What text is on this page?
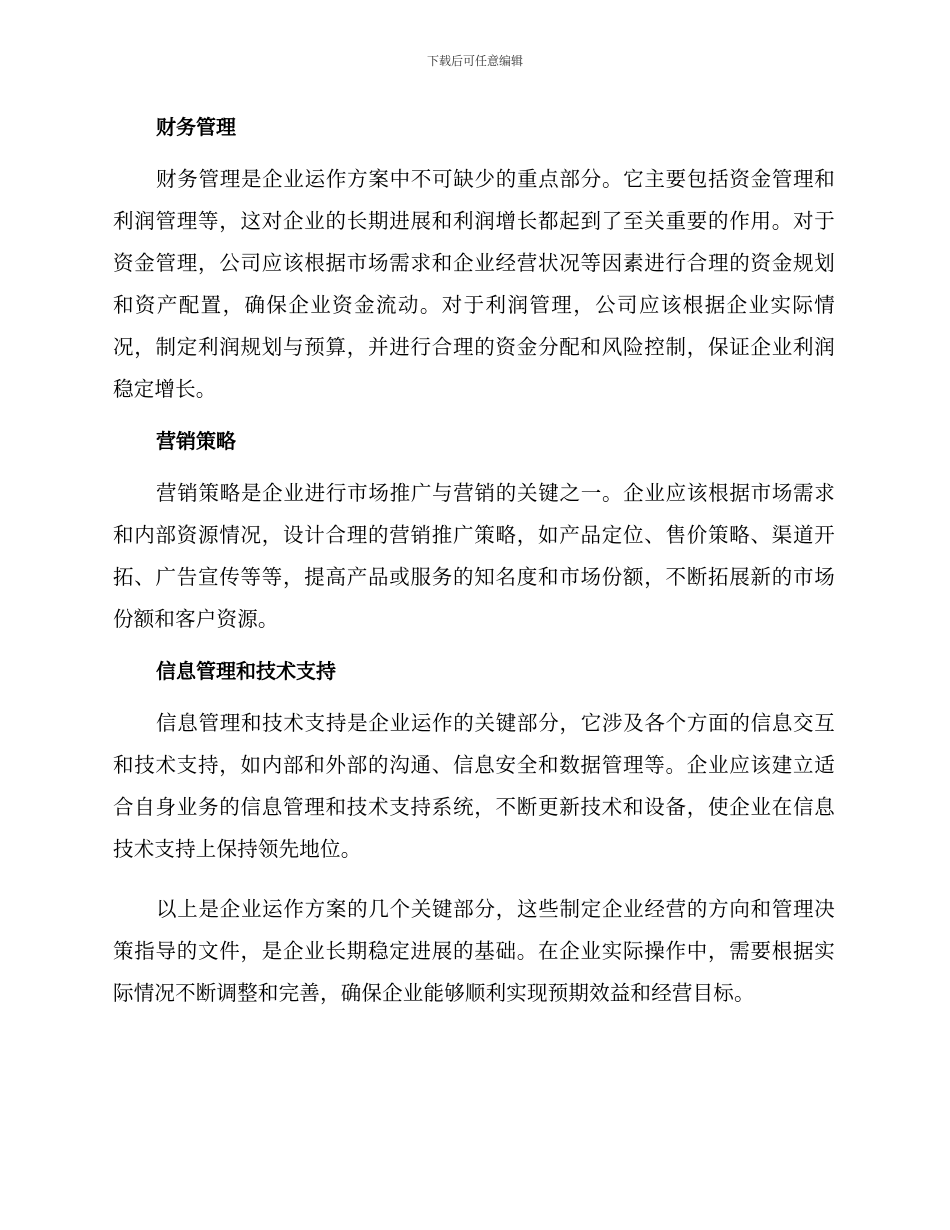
下载后可任意编辑
财务管理

财务管理是企业运作方案中不可缺少的重点部分。它主要包括资金管理和利润管理等，这对企业的长期进展和利润增长都起到了至关重要的作用。对于资金管理，公司应该根据市场需求和企业经营状况等因素进行合理的资金规划和资产配置，确保企业资金流动。对于利润管理，公司应该根据企业实际情况，制定利润规划与预算，并进行合理的资金分配和风险控制，保证企业利润稳定增长。

营销策略

营销策略是企业进行市场推广与营销的关键之一。企业应该根据市场需求和内部资源情况，设计合理的营销推广策略，如产品定位、售价策略、渠道开拓、广告宣传等等，提高产品或服务的知名度和市场份额，不断拓展新的市场份额和客户资源。

信息管理和技术支持

信息管理和技术支持是企业运作的关键部分，它涉及各个方面的信息交互和技术支持，如内部和外部的沟通、信息安全和数据管理等。企业应该建立适合自身业务的信息管理和技术支持系统，不断更新技术和设备，使企业在信息技术支持上保持领先地位。

以上是企业运作方案的几个关键部分，这些制定企业经营的方向和管理决策指导的文件，是企业长期稳定进展的基础。在企业实际操作中，需要根据实际情况不断调整和完善，确保企业能够顺利实现预期效益和经营目标。
